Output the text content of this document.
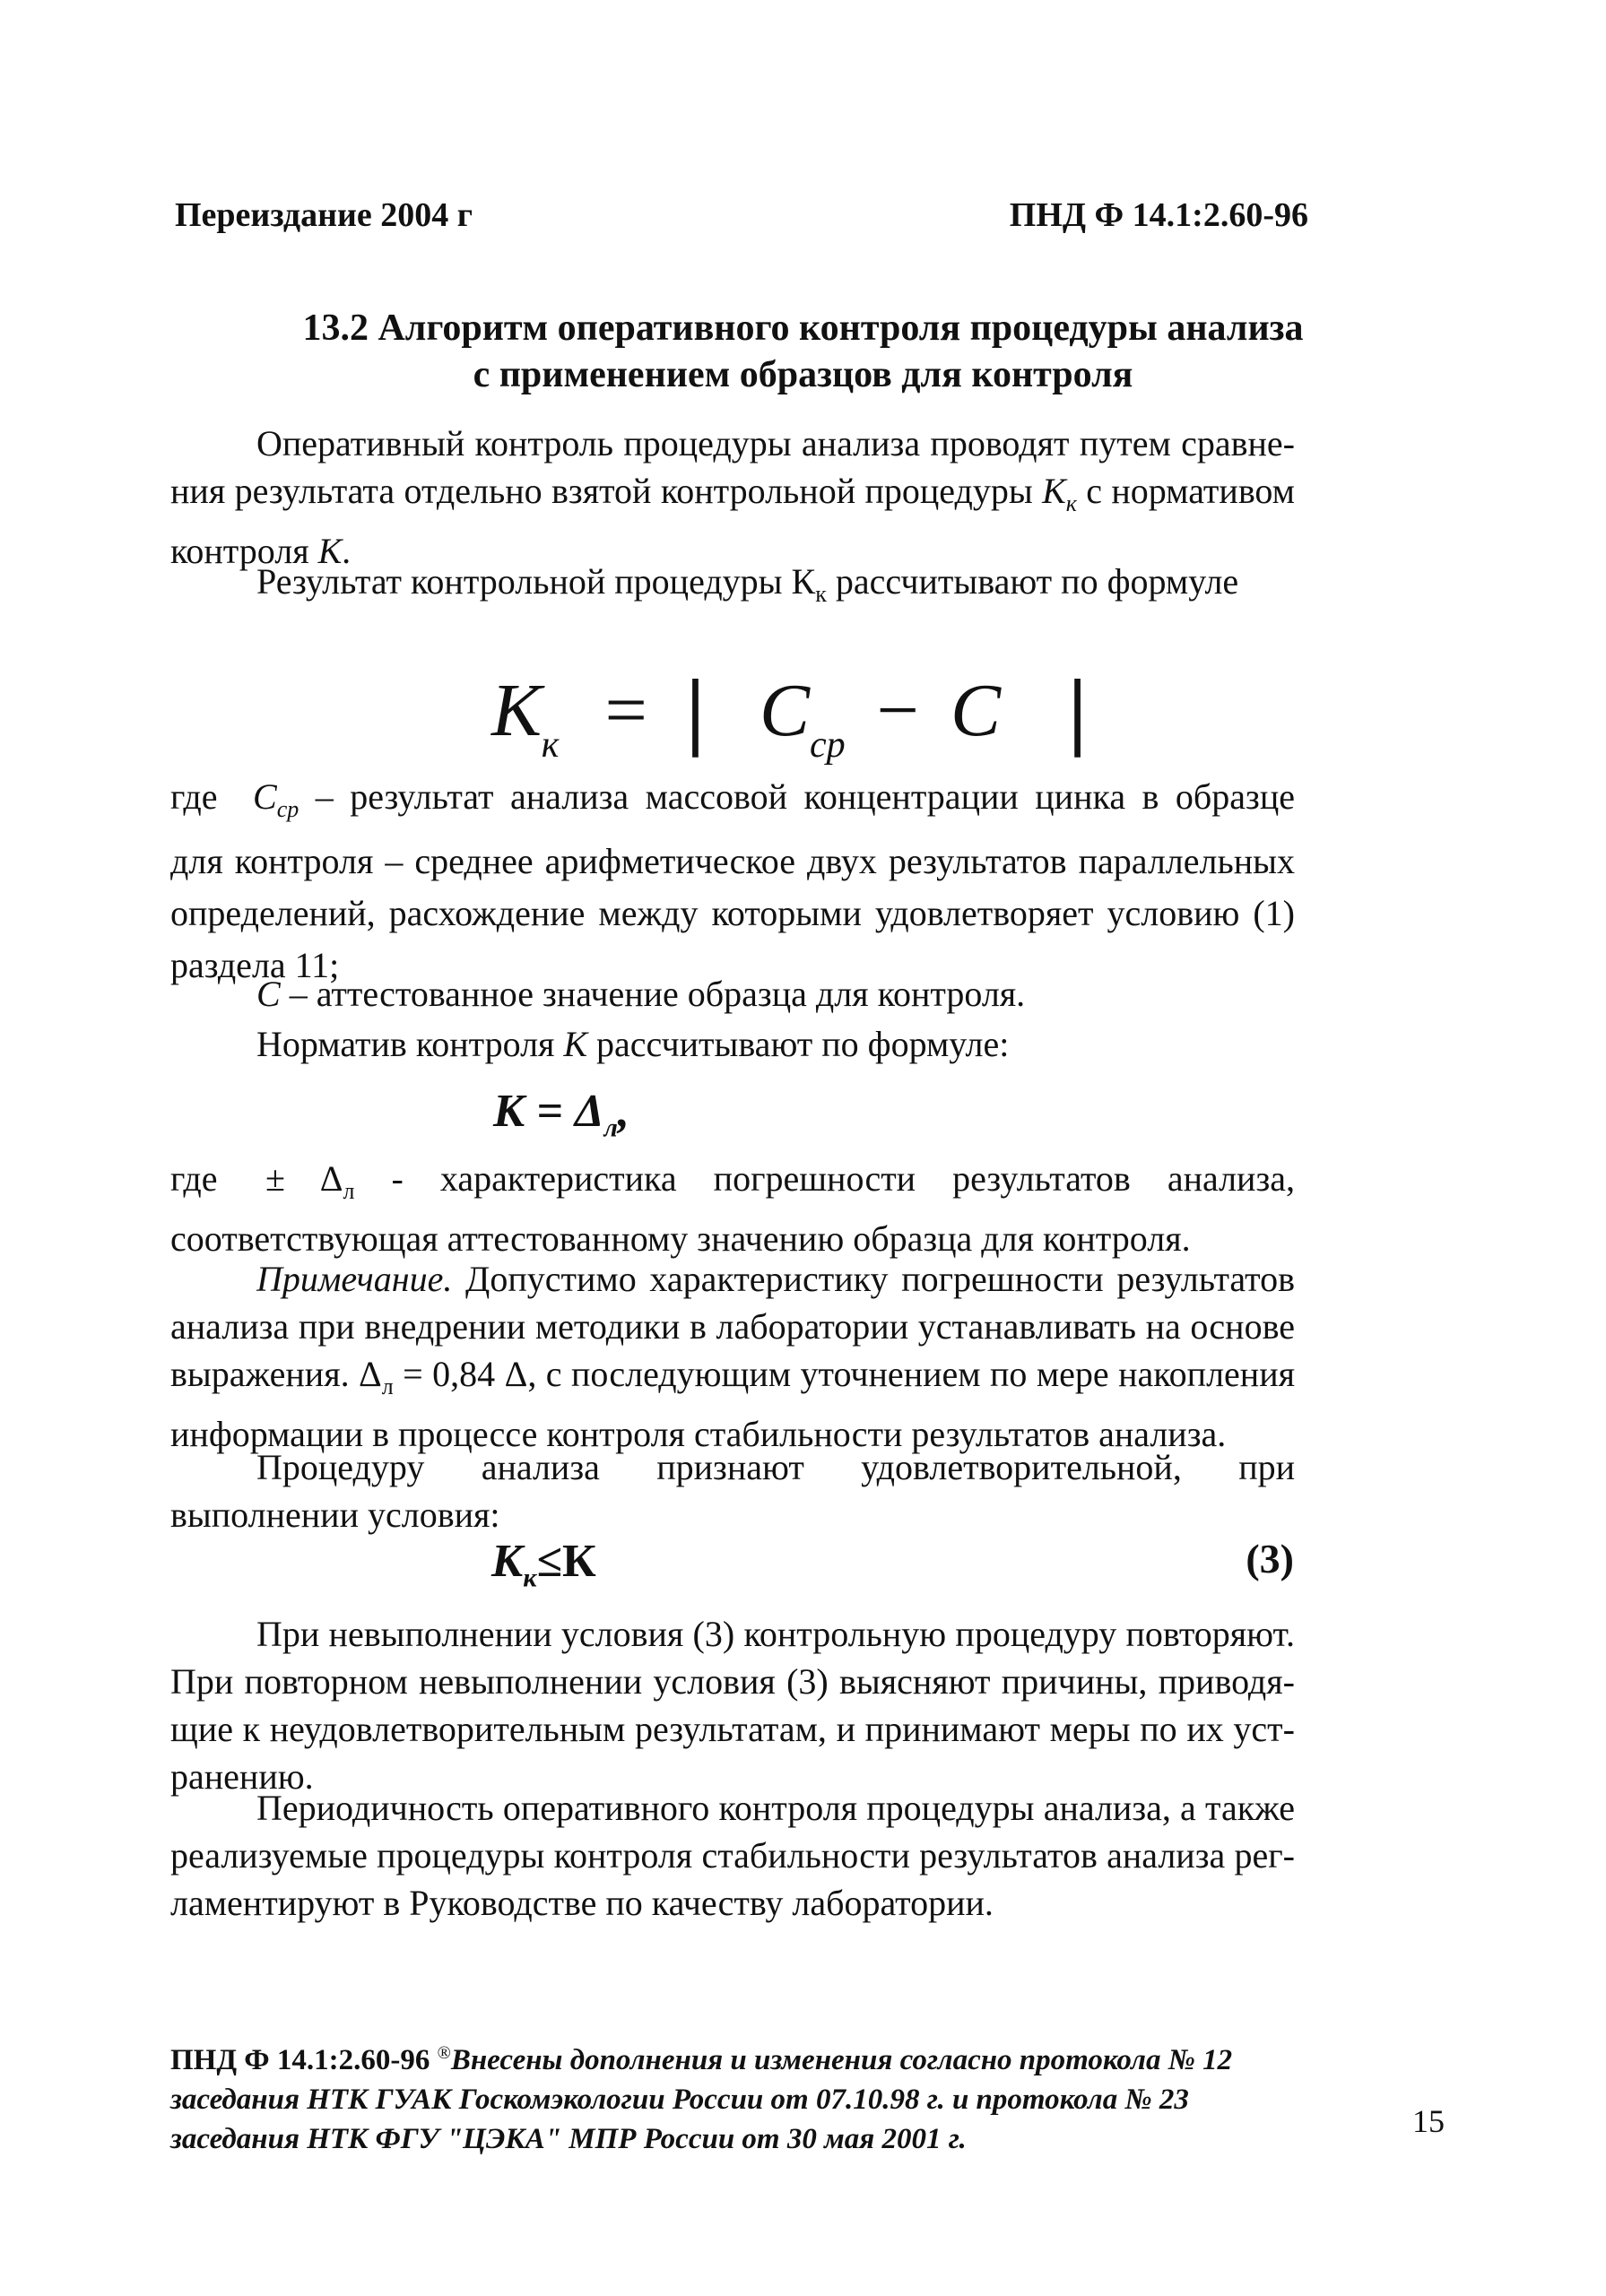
Переиздание 2004 г	ПНД Ф 14.1:2.60-96
13.2 Алгоритм оперативного контроля процедуры анализа
с применением образцов для контроля
Оперативный контроль процедуры анализа проводят путем сравнения результата отдельно взятой контрольной процедуры $К_к$ с нормативом контроля К.
Результат контрольной процедуры $К_к$ рассчитывают по формуле
$К_к$ = | $С_{ср} - С$ |
где $С_{ср}$ – результат анализа массовой концентрации цинка в образце для контроля – среднее арифметическое двух результатов параллельных определений, расхождение между которыми удовлетворяет условию (1) раздела 11;
С – аттестованное значение образца для контроля.
Норматив контроля К рассчитывают по формуле:
$К = \Delta_л$,
где ± $\Delta_л$ - характеристика погрешности результатов анализа, соответствующая аттестованному значению образца для контроля.
Примечание. Допустимо характеристику погрешности результатов анализа при внедрении методики в лаборатории устанавливать на основе выражения. $\Delta_л = 0,84$ Δ, с последующим уточнением по мере накопления информации в процессе контроля стабильности результатов анализа.
Процедуру анализа признают удовлетворительной, при выполнении условия:
$К_к\le К$	(3)
При невыполнении условия (3) контрольную процедуру повторяют. При повторном невыполнении условия (3) выясняют причины, приводящие к неудовлетворительным результатам, и принимают меры по их устранению.
Периодичность оперативного контроля процедуры анализа, а также реализуемые процедуры контроля стабильности результатов анализа регламентируют в Руководстве по качеству лаборатории.
ПНД Ф 14.1:2.60-96 ®Внесены дополнения и изменения согласно протокола № 12 заседания НТК ГУАК Госкомэкологии России от 07.10.98 г. и протокола № 23 заседания НТК ФГУ "ЦЭКА" МПР России от 30 мая 2001 г.	15
